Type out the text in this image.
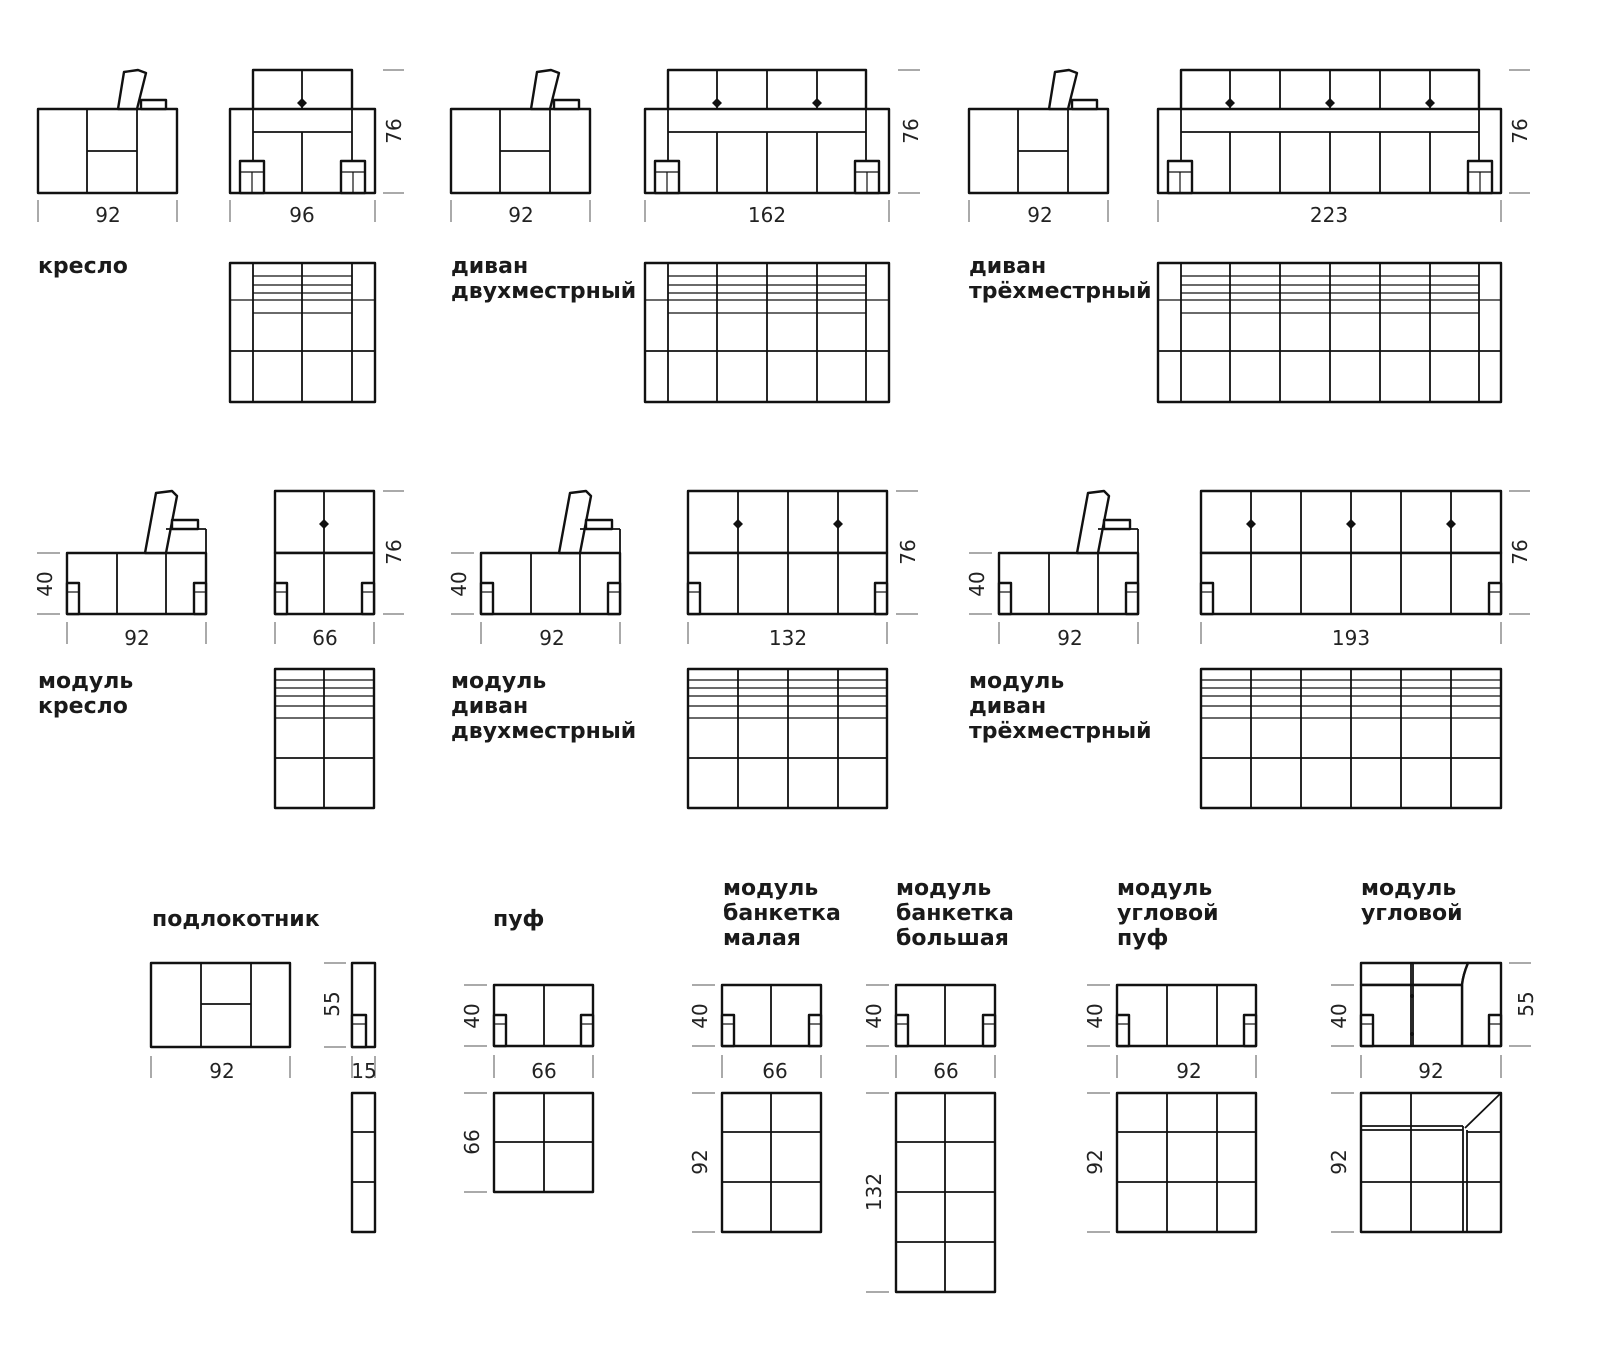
кресло	диван
двухместрный
диван
трёхместрный
модуль
кресло
модуль
диван
двухместрный
модуль
диван
трёхместрный
подлокотник	пуф
модуль
банкетка
малая
модуль
банкетка
большая
модуль
угловой
пуф
модуль
угловой
92	96
76
92	162
76
92	223
76
40
92	66
76
40
92	132
76
40
92	193
76
92
55
15
40
66
66
40
66
92
40
66
132
40
92
92
40	55
92
92
